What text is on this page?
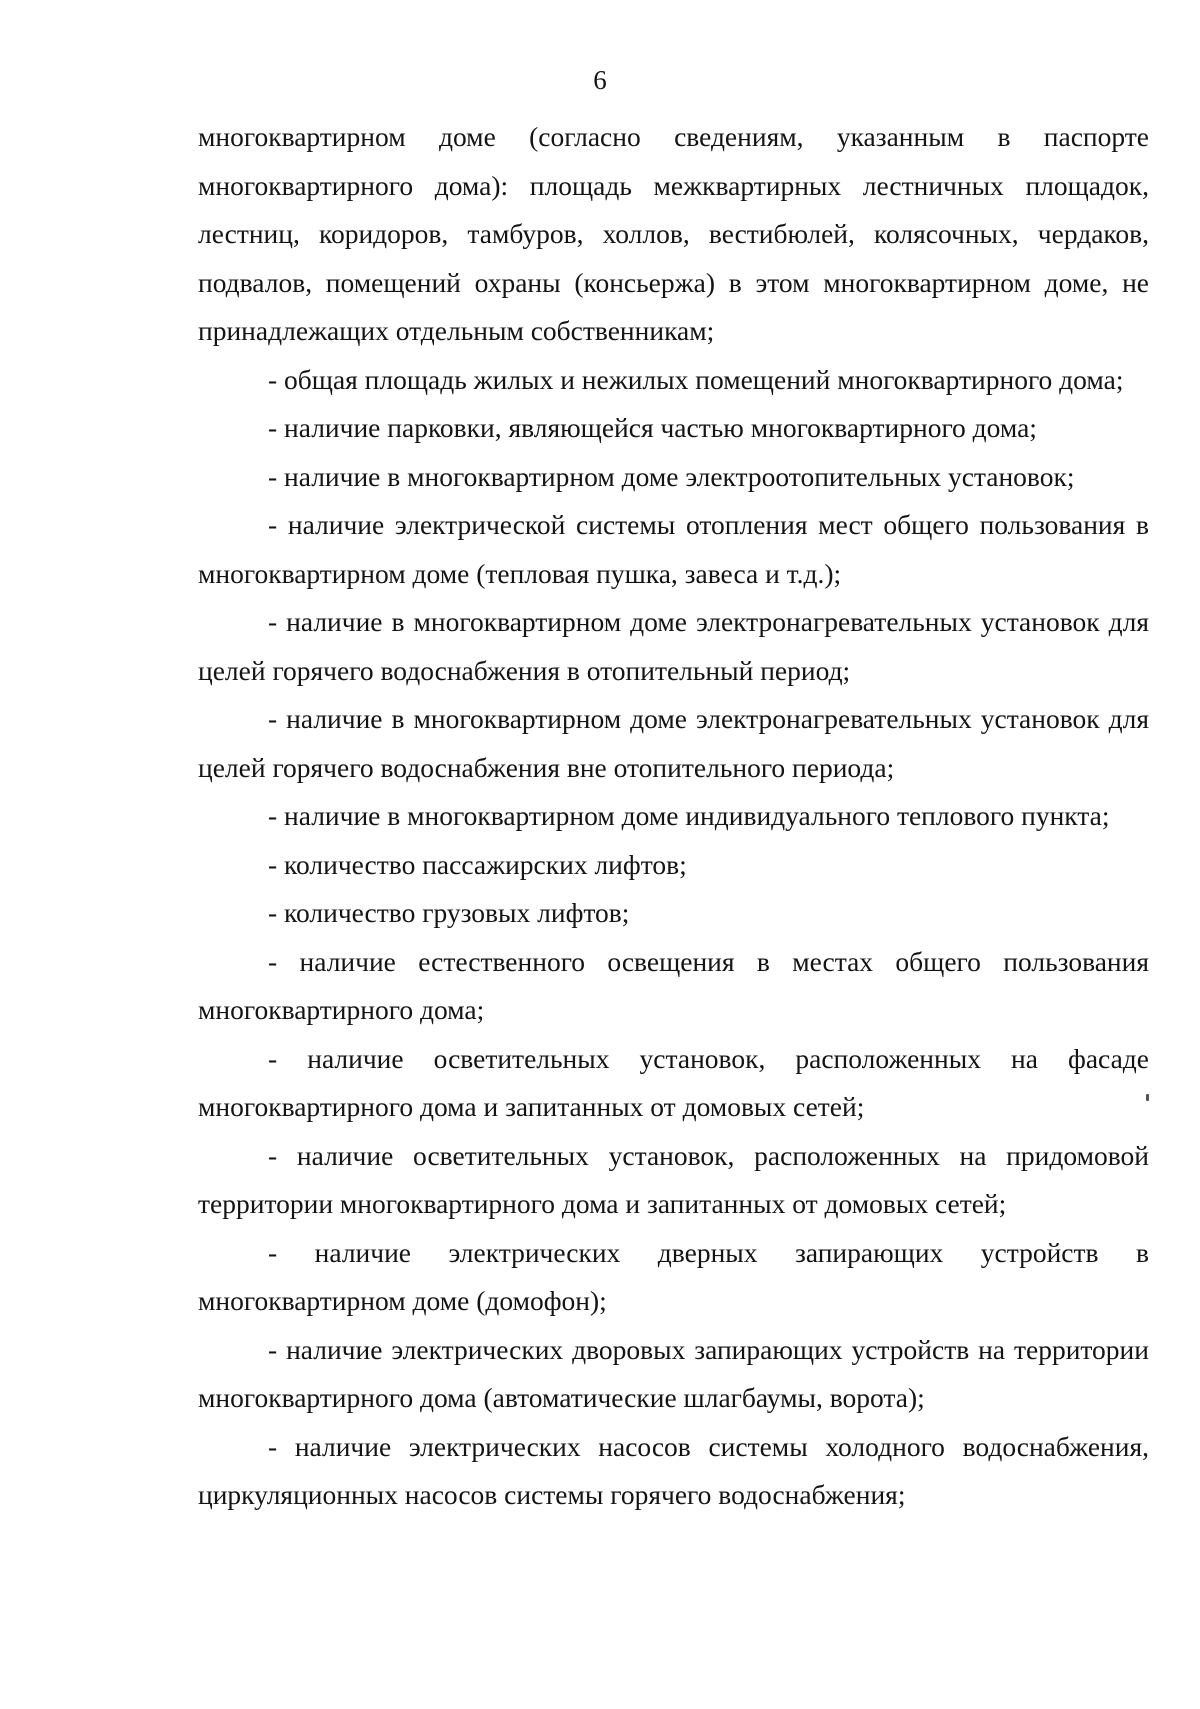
6

многоквартирном доме (согласно сведениям, указанным в паспорте многоквартирного дома): площадь межквартирных лестничных площадок, лестниц, коридоров, тамбуров, холлов, вестибюлей, колясочных, чердаков, подвалов, помещений охраны (консьержа) в этом многоквартирном доме, не принадлежащих отдельным собственникам;

- общая площадь жилых и нежилых помещений многоквартирного дома;

- наличие парковки, являющейся частью многоквартирного дома;

- наличие в многоквартирном доме электроотопительных установок;

- наличие электрической системы отопления мест общего пользования в многоквартирном доме (тепловая пушка, завеса и т.д.);

- наличие в многоквартирном доме электронагревательных установок для целей горячего водоснабжения в отопительный период;

- наличие в многоквартирном доме электронагревательных установок для целей горячего водоснабжения вне отопительного периода;

- наличие в многоквартирном доме индивидуального теплового пункта;

- количество пассажирских лифтов;

- количество грузовых лифтов;

- наличие естественного освещения в местах общего пользования многоквартирного дома;

- наличие осветительных установок, расположенных на фасаде многоквартирного дома и запитанных от домовых сетей;

- наличие осветительных установок, расположенных на придомовой территории многоквартирного дома и запитанных от домовых сетей;

- наличие электрических дверных запирающих устройств в многоквартирном доме (домофон);

- наличие электрических дворовых запирающих устройств на территории многоквартирного дома (автоматические шлагбаумы, ворота);

- наличие электрических насосов системы холодного водоснабжения, циркуляционных насосов системы горячего водоснабжения;
